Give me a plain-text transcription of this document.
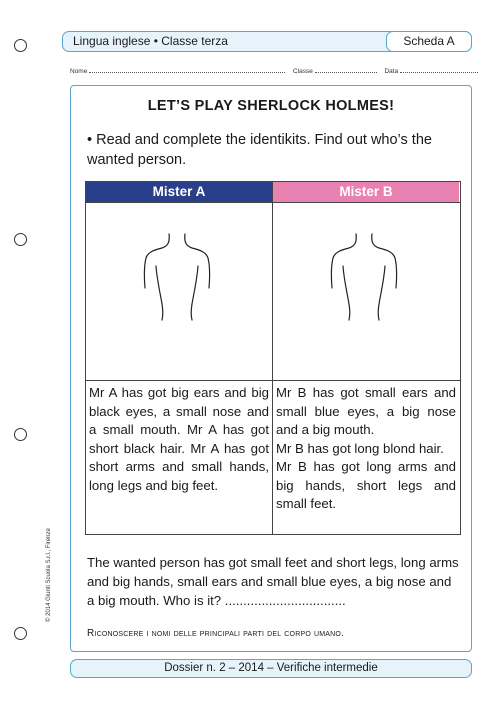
Lingua inglese • Classe terza	Scheda A
Nome	Classe	Data
LET’S PLAY SHERLOCK HOLMES!
• Read and complete the identikits. Find out who’s the wanted person.
Mister A	Mister B

Mr A has got big ears and big black eyes, a small nose and a small mouth. Mr A has got short black hair. Mr A has got short arms and small hands, long legs and big feet.

Mr B has got small ears and small blue eyes, a big nose and a big mouth.

Mr B has got long blond hair.

Mr B has got long arms and big hands, short legs and small feet.

The wanted person has got small feet and short legs, long arms and big hands, small ears and small blue eyes, a big nose and a big mouth. Who is it? .................................
Riconoscere i nomi delle principali parti del corpo umano.
Dossier n. 2 – 2014 – Verifiche intermedie
© 2014 Giunti Scuola S.r.l., Firenze
